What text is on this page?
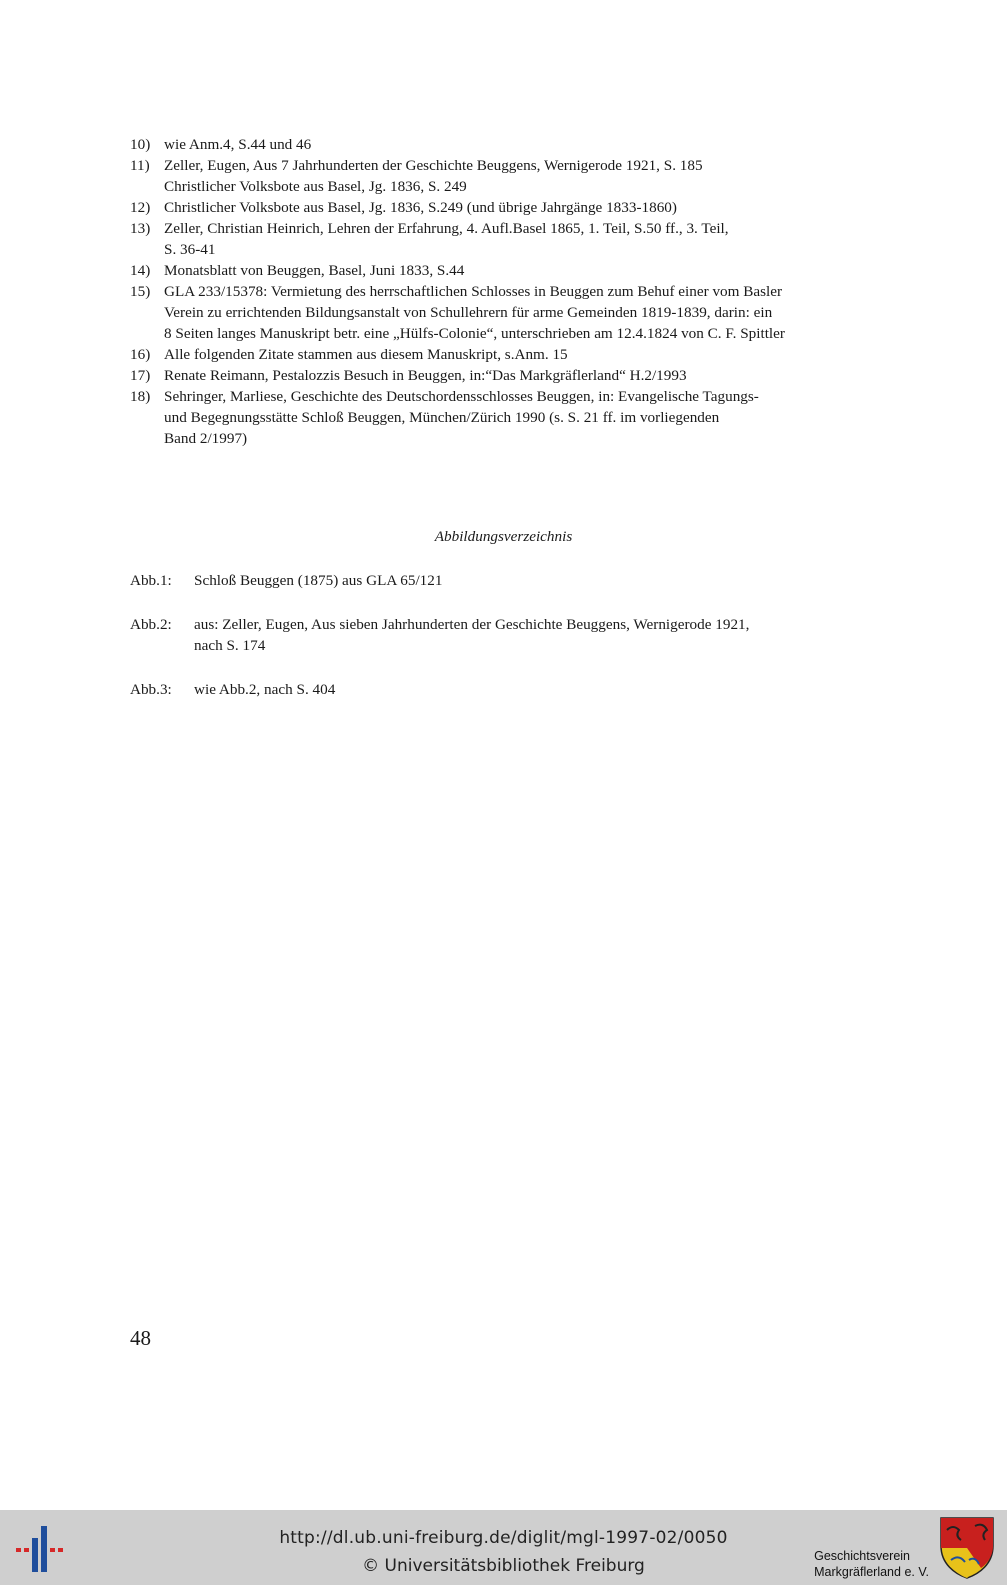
10) wie Anm.4, S.44 und 46
11) Zeller, Eugen, Aus 7 Jahrhunderten der Geschichte Beuggens, Wernigerode 1921, S. 185
Christlicher Volksbote aus Basel, Jg. 1836, S. 249
12) Christlicher Volksbote aus Basel, Jg. 1836, S.249 (und übrige Jahrgänge 1833-1860)
13) Zeller, Christian Heinrich, Lehren der Erfahrung, 4. Aufl.Basel 1865, 1. Teil, S.50 ff., 3. Teil,
S. 36-41
14) Monatsblatt von Beuggen, Basel, Juni 1833, S.44
15) GLA 233/15378: Vermietung des herrschaftlichen Schlosses in Beuggen zum Behuf einer vom Basler
Verein zu errichtenden Bildungsanstalt von Schullehrern für arme Gemeinden 1819-1839, darin: ein
8 Seiten langes Manuskript betr. eine „Hülfs-Colonie“, unterschrieben am 12.4.1824 von C. F. Spittler
16) Alle folgenden Zitate stammen aus diesem Manuskript, s.Anm. 15
17) Renate Reimann, Pestalozzis Besuch in Beuggen, in:“Das Markgräflerland“ H.2/1993
18) Sehringer, Marliese, Geschichte des Deutschordensschlosses Beuggen, in: Evangelische Tagungs-
und Begegnungsstätte Schloß Beuggen, München/Zürich 1990 (s. S. 21 ff. im vorliegenden
Band 2/1997)
Abbildungsverzeichnis
Abb.1:	Schloß Beuggen (1875) aus GLA 65/121
Abb.2:	aus: Zeller, Eugen, Aus sieben Jahrhunderten der Geschichte Beuggens, Wernigerode 1921,
nach S. 174
Abb.3:	wie Abb.2, nach S. 404
48
http://dl.ub.uni-freiburg.de/diglit/mgl-1997-02/0050
© Universitätsbibliothek Freiburg	Geschichtsverein
Markgräflerland e. V.
